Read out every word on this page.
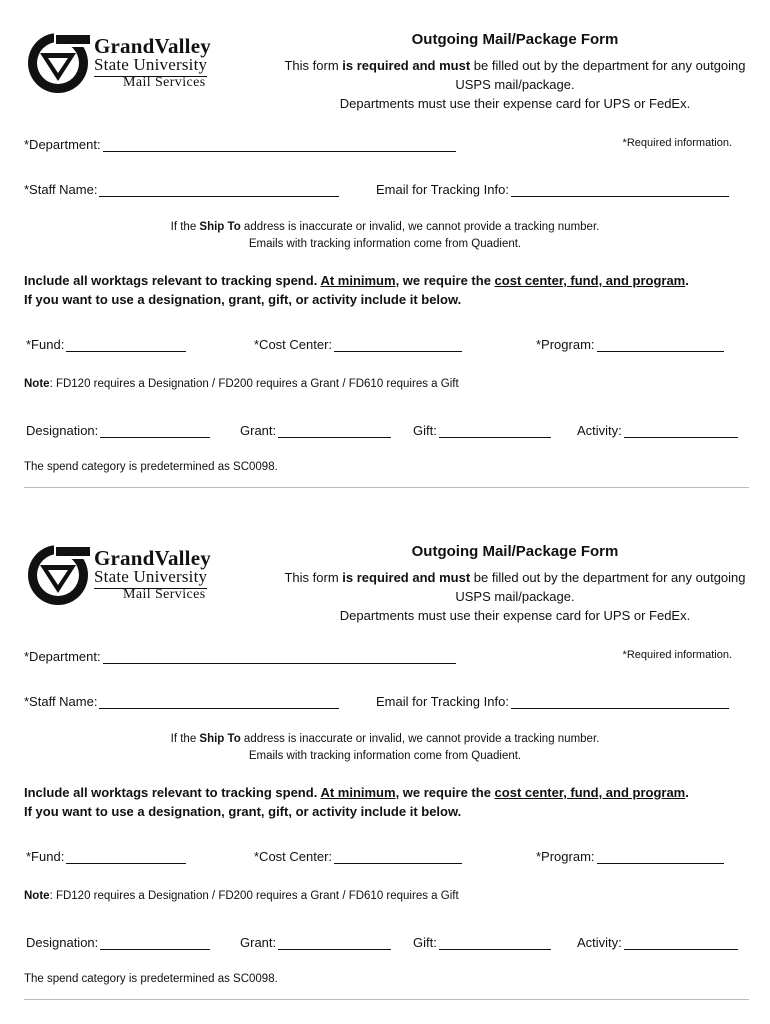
GrandValley
State University
Mail Services
Outgoing Mail/Package Form
This form is required and must be filled out by the department for any outgoing USPS mail/package.
Departments must use their expense card for UPS or FedEx.
*Department:	*Required information.
*Staff Name:	Email for Tracking Info:
If the Ship To address is inaccurate or invalid, we cannot provide a tracking number.
Emails with tracking information come from Quadient.
Include all worktags relevant to tracking spend. At minimum, we require the cost center, fund, and program.
If you want to use a designation, grant, gift, or activity include it below.
*Fund:	*Cost Center:	*Program:
Note: FD120 requires a Designation / FD200 requires a Grant / FD610 requires a Gift
Designation:	Grant:	Gift:	Activity:
The spend category is predetermined as SC0098.
GrandValley
State University
Mail Services
Outgoing Mail/Package Form
This form is required and must be filled out by the department for any outgoing USPS mail/package.
Departments must use their expense card for UPS or FedEx.
*Department:	*Required information.
*Staff Name:	Email for Tracking Info:
If the Ship To address is inaccurate or invalid, we cannot provide a tracking number.
Emails with tracking information come from Quadient.
Include all worktags relevant to tracking spend. At minimum, we require the cost center, fund, and program.
If you want to use a designation, grant, gift, or activity include it below.
*Fund:	*Cost Center:	*Program:
Note: FD120 requires a Designation / FD200 requires a Grant / FD610 requires a Gift
Designation:	Grant:	Gift:	Activity:
The spend category is predetermined as SC0098.
